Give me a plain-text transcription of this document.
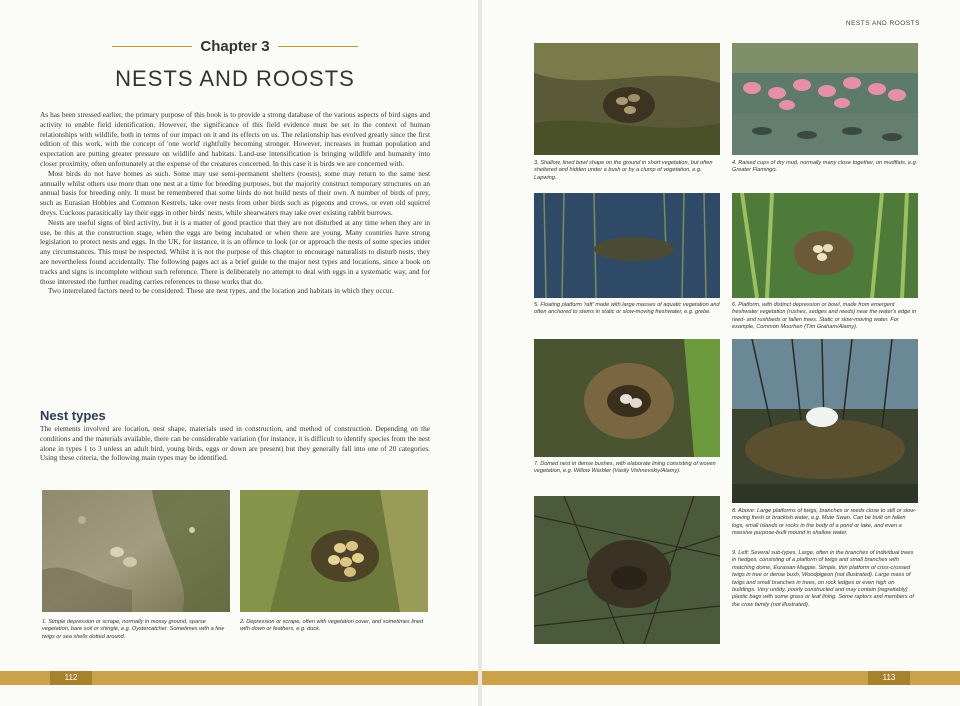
Chapter 3
NESTS AND ROOSTS

As has been stressed earlier, the primary purpose of this book is to provide a strong database of the various aspects of bird signs and activity to enable field identification. However, the significance of this field evidence must be set in the context of human relationships with wildlife, both in terms of our impact on it and its effects on us. The relationship has evolved greatly since the first edition of this work, with the concept of 'one world' rightfully becoming stronger. However, increases in human population and expectation are putting greater pressure on wildlife and habitats. Land-use intensification is bringing wildlife and humanity into closer proximity, often unfortunately at the expense of the creatures concerned. In this case it is birds we are concerned with.

Most birds do not have homes as such. Some may use semi-permanent shelters (roosts), some may return to the same nest annually whilst others use more than one nest at a time for breeding purposes, but the majority construct temporary structures on an annual basis for breeding only. It must be remembered that some birds do not build nests of their own. A number of birds of prey, such as Eurasian Hobbies and Common Kestrels, take over nests from other birds such as pigeons and crows, or even old squirrel dreys. Cuckoos parasitically lay their eggs in other birds' nests, while shearwaters may take over existing rabbit burrows.

Nests are useful signs of bird activity, but it is a matter of good practice that they are not disturbed at any time when they are in use, be this at the construction stage, when the eggs are being incubated or when there are young. Many countries have strong legislation to protect nests and eggs. In the UK, for instance, it is an offence to look (or or approach the nests of some species under any circumstances. This must be respected. Whilst it is not the purpose of this chapter to encourage naturalists to disturb nests, they are nevertheless found accidentally. The following pages act as a brief guide to the major nest types and locations, since a book on tracks and signs is incomplete without such reference. There is deliberately no attempt to deal with eggs in a systematic way, and for those interested the further reading carries references to those works that do.

Two interrelated factors need to be considered. These are nest types, and the location and habitats in which they occur.

Nest types

The elements involved are location, nest shape, materials used in construction, and method of construction. Depending on the conditions and the materials available, there can be considerable variation (for instance, it is difficult to identify species from the nest alone in types 1 to 3 unless an adult bird, young birds, eggs or down are present) but they generally fall into one of 20 categories. Using these criteria, the following main types may be identified.

1. Simple depression or scrape, normally in mossy ground, sparse vegetation, bare soil or shingle, e.g. Oystercatcher. Sometimes with a few twigs or sea shells dotted around.
2. Depression or scrape, often with vegetation cover, and sometimes lined with down or feathers, e.g. duck.
112
NESTS AND ROOSTS
3. Shallow, lined bowl shape on the ground in short vegetation, but often sheltered and hidden under a bush or by a clump of vegetation, e.g. Lapwing.
4. Raised cups of dry mud, normally many close together, on mudflats, e.g. Greater Flamingo.
5. Floating platform 'raft' made with large masses of aquatic vegetation and often anchored to stems in static or slow-moving freshwater, e.g. grebe.
6. Platform, with distinct depression or bowl, made from emergent freshwater vegetation (rushes, sedges and reeds) near the water's edge in reed- and rushbeds or fallen trees. Static or slow-moving water. For example, Common Moorhen (Tim Graham/Alamy).
7. Domed nest in dense bushes, with elaborate lining consisting of woven vegetation, e.g. Willow Warbler (Vasily Vishnevskiy/Alamy).
8. Above: Large platforms of twigs, branches or reeds close to still or slow-moving fresh or brackish water, e.g. Mute Swan. Can be built on fallen logs, small islands or rocks in the body of a pond or lake, and even a massive purpose-built mound in shallow water.
9. Left: Several sub-types. Large, often in the branches of individual trees in hedges, consisting of a platform of twigs and small branches with matching dome, Eurasian Magpie. Simple, thin platform of criss-crossed twigs in tree or dense bush, Woodpigeon (not illustrated). Large mass of twigs and small branches in trees, on rock ledges or even high on buildings. Very untidy, poorly constructed and may contain (regrettably) plastic bags with some grass or leaf lining. Some raptors and members of the crow family (not illustrated).
113
